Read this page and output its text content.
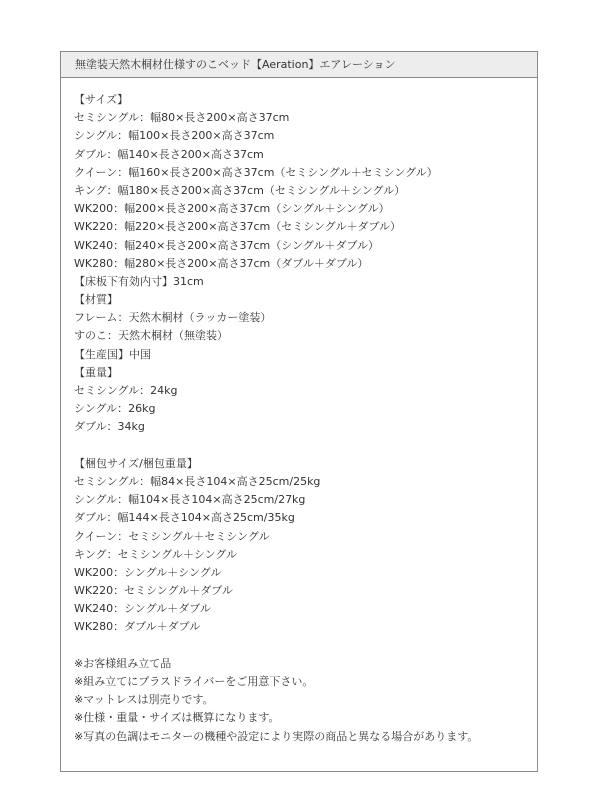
無塗装天然木桐材仕様すのこベッド【Aeration】エアレーション
【サイズ】
セミシングル：幅80×長さ200×高さ37cm
シングル：幅100×長さ200×高さ37cm
ダブル：幅140×長さ200×高さ37cm
クイーン：幅160×長さ200×高さ37cm（セミシングル＋セミシングル）
キング：幅180×長さ200×高さ37cm（セミシングル＋シングル）
WK200：幅200×長さ200×高さ37cm（シングル＋シングル）
WK220：幅220×長さ200×高さ37cm（セミシングル＋ダブル）
WK240：幅240×長さ200×高さ37cm（シングル＋ダブル）
WK280：幅280×長さ200×高さ37cm（ダブル＋ダブル）
【床板下有効内寸】31cm
【材質】
フレーム：天然木桐材（ラッカー塗装）
すのこ：天然木桐材（無塗装）
【生産国】中国
【重量】
セミシングル：24kg
シングル：26kg
ダブル：34kg
【梱包サイズ/梱包重量】
セミシングル：幅84×長さ104×高さ25cm/25kg
シングル：幅104×長さ104×高さ25cm/27kg
ダブル：幅144×長さ104×高さ25cm/35kg
クイーン：セミシングル＋セミシングル
キング：セミシングル＋シングル
WK200：シングル＋シングル
WK220：セミシングル＋ダブル
WK240：シングル＋ダブル
WK280：ダブル＋ダブル
※お客様組み立て品
※組み立てにプラスドライバーをご用意下さい。
※マットレスは別売りです。
※仕様・重量・サイズは概算になります。
※写真の色調はモニターの機種や設定により実際の商品と異なる場合があります。
